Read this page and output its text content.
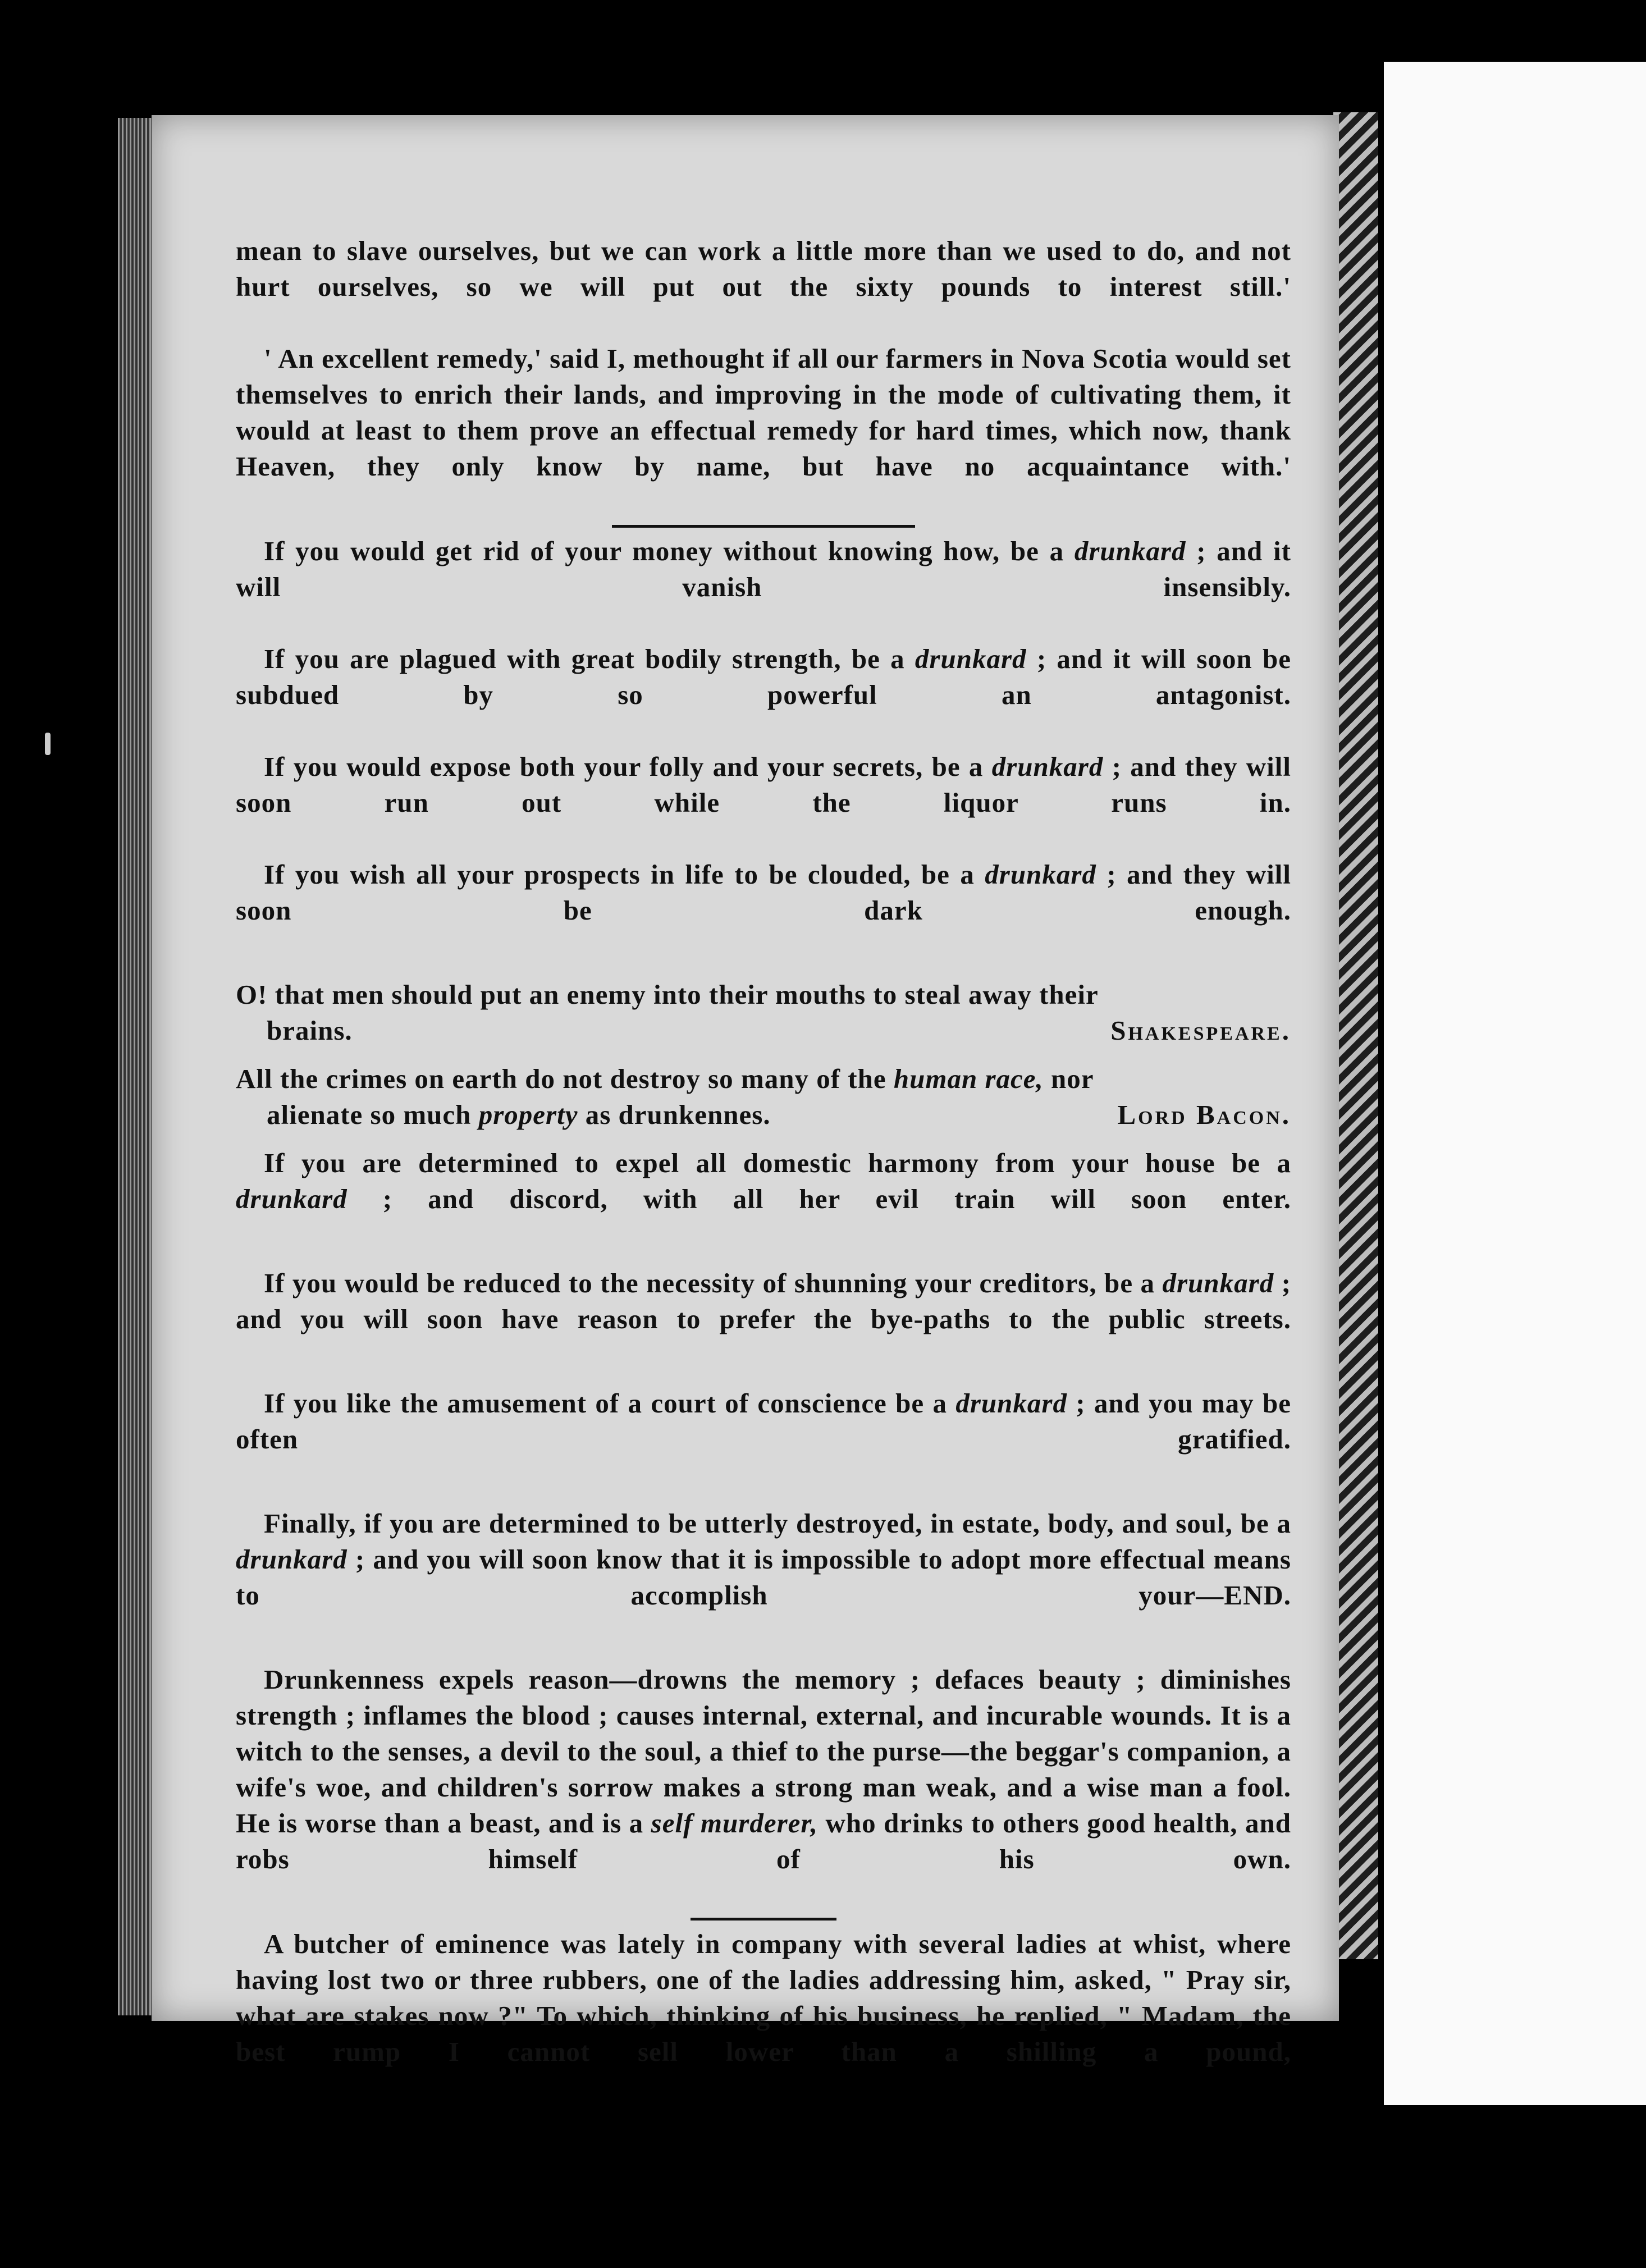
mean to slave ourselves, but we can work a little more than we used to do, and not hurt ourselves, so we will put out the sixty pounds to interest still.'

' An excellent remedy,' said I, methought if all our farmers in Nova Scotia would set themselves to enrich their lands, and improving in the mode of cultivating them, it would at least to them prove an effectual remedy for hard times, which now, thank Heaven, they only know by name, but have no acquaintance with.'

If you would get rid of your money without knowing how, be a drunkard ; and it will vanish insensibly.

If you are plagued with great bodily strength, be a drunkard ; and it will soon be subdued by so powerful an antagonist.

If you would expose both your folly and your secrets, be a drunkard ; and they will soon run out while the liquor runs in.

If you wish all your prospects in life to be clouded, be a drunkard ; and they will soon be dark enough.

O! that men should put an enemy into their mouths to steal away their
brains.	Shakespeare.
All the crimes on earth do not destroy so many of the human race, nor
alienate so much property as drunkennes.	Lord Bacon.

If you are determined to expel all domestic harmony from your house be a drunkard ; and discord, with all her evil train will soon enter.

If you would be reduced to the necessity of shunning your creditors, be a drunkard ; and you will soon have reason to prefer the bye-paths to the public streets.

If you like the amusement of a court of conscience be a drunkard ; and you may be often gratified.

Finally, if you are determined to be utterly destroyed, in estate, body, and soul, be a drunkard ; and you will soon know that it is impossible to adopt more effectual means to accomplish your—END.

Drunkenness expels reason—drowns the memory ; defaces beauty ; diminishes strength ; inflames the blood ; causes internal, external, and incurable wounds. It is a witch to the senses, a devil to the soul, a thief to the purse—the beggar's companion, a wife's woe, and children's sorrow makes a strong man weak, and a wise man a fool. He is worse than a beast, and is a self murderer, who drinks to others good health, and robs himself of his own.

A butcher of eminence was lately in company with several ladies at whist, where having lost two or three rubbers, one of the ladies addressing him, asked, " Pray sir, what are stakes now ?" To which, thinking of his business, he replied, " Madam, the best rump I cannot sell lower than a shilling a pound,
